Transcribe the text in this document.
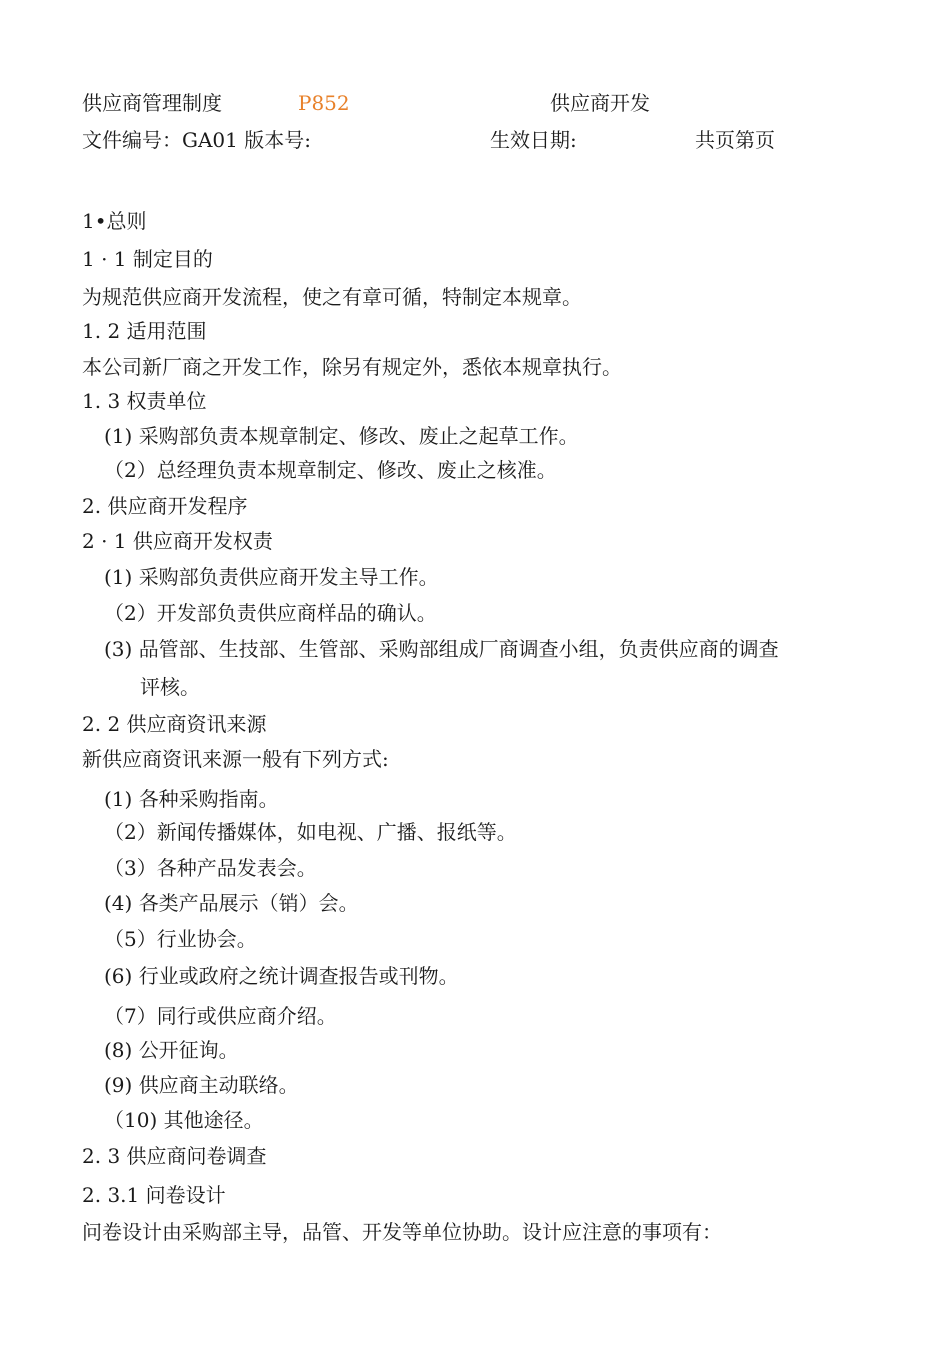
供应商管理制度	P852	供应商开发
文件编号：GA01 版本号:	生效日期:	共页第页
1•总则
1 · 1 制定目的
为规范供应商开发流程，使之有章可循，特制定本规章。
1. 2 适用范围
本公司新厂商之开发工作，除另有规定外，悉依本规章执行。
1. 3 权责单位
(1) 采购部负责本规章制定、修改、废止之起草工作。
（2）总经理负责本规章制定、修改、废止之核准。
2. 供应商开发程序
2 · 1 供应商开发权责
(1) 采购部负责供应商开发主导工作。
（2）开发部负责供应商样品的确认。
(3) 品管部、生技部、生管部、采购部组成厂商调查小组，负责供应商的调查
评核。
2. 2 供应商资讯来源
新供应商资讯来源一般有下列方式:
(1) 各种采购指南。
（2）新闻传播媒体，如电视、广播、报纸等。
（3）各种产品发表会。
(4) 各类产品展示（销）会。
（5）行业协会。
(6) 行业或政府之统计调查报告或刊物。
（7）同行或供应商介绍。
(8) 公开征询。
(9) 供应商主动联络。
（10) 其他途径。
2. 3 供应商问卷调查
2. 3.1 问卷设计
问卷设计由采购部主导，品管、开发等单位协助。设计应注意的事项有：
